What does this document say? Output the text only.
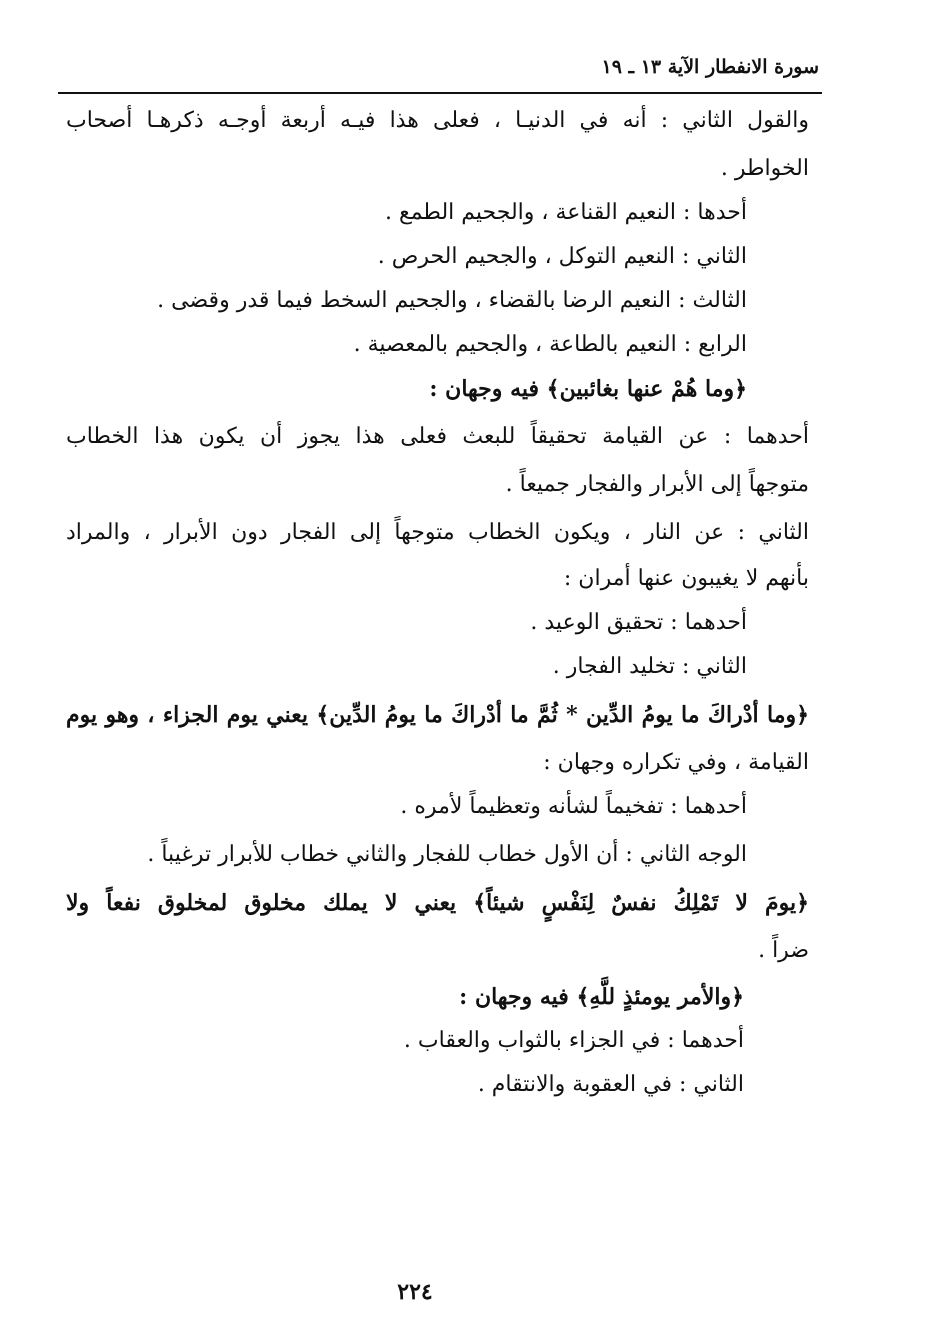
سورة الانفطار الآية ١٣ ـ ١٩
والقول الثاني : أنه في الدنيـا ، فعلى هذا فيـه أربعة أوجـه ذكرهـا أصحاب
الخواطر .
أحدها : النعيم القناعة ، والجحيم الطمع .
الثاني : النعيم التوكل ، والجحيم الحرص .
الثالث : النعيم الرضا بالقضاء ، والجحيم السخط فيما قدر وقضى .
الرابع : النعيم بالطاعة ، والجحيم بالمعصية .
﴿وما هُمْ عنها بغائبين﴾ فيه وجهان :
أحدهما : عن القيامة تحقيقاً للبعث فعلى هذا يجوز أن يكون هذا الخطاب
متوجهاً إلى الأبرار والفجار جميعاً .
الثاني : عن النار ، ويكون الخطاب متوجهاً إلى الفجار دون الأبرار ، والمراد
بأنهم لا يغيبون عنها أمران :
أحدهما : تحقيق الوعيد .
الثاني : تخليد الفجار .
﴿وما أدْراكَ ما يومُ الدِّين * ثُمَّ ما أدْراكَ ما يومُ الدِّين﴾ يعني يوم الجزاء ، وهو يوم
القيامة ، وفي تكراره وجهان :
أحدهما : تفخيماً لشأنه وتعظيماً لأمره .
الوجه الثاني : أن الأول خطاب للفجار والثاني خطاب للأبرار ترغيباً .
﴿يومَ لا تَمْلِكُ نفسٌ لِنَفْسٍ شيئاً﴾ يعني لا يملك مخلوق لمخلوق نفعاً ولا
ضراً .
﴿والأمر يومئذٍ للَّهِ﴾ فيه وجهان :
أحدهما : في الجزاء بالثواب والعقاب .
الثاني : في العقوبة والانتقام .
٢٢٤
